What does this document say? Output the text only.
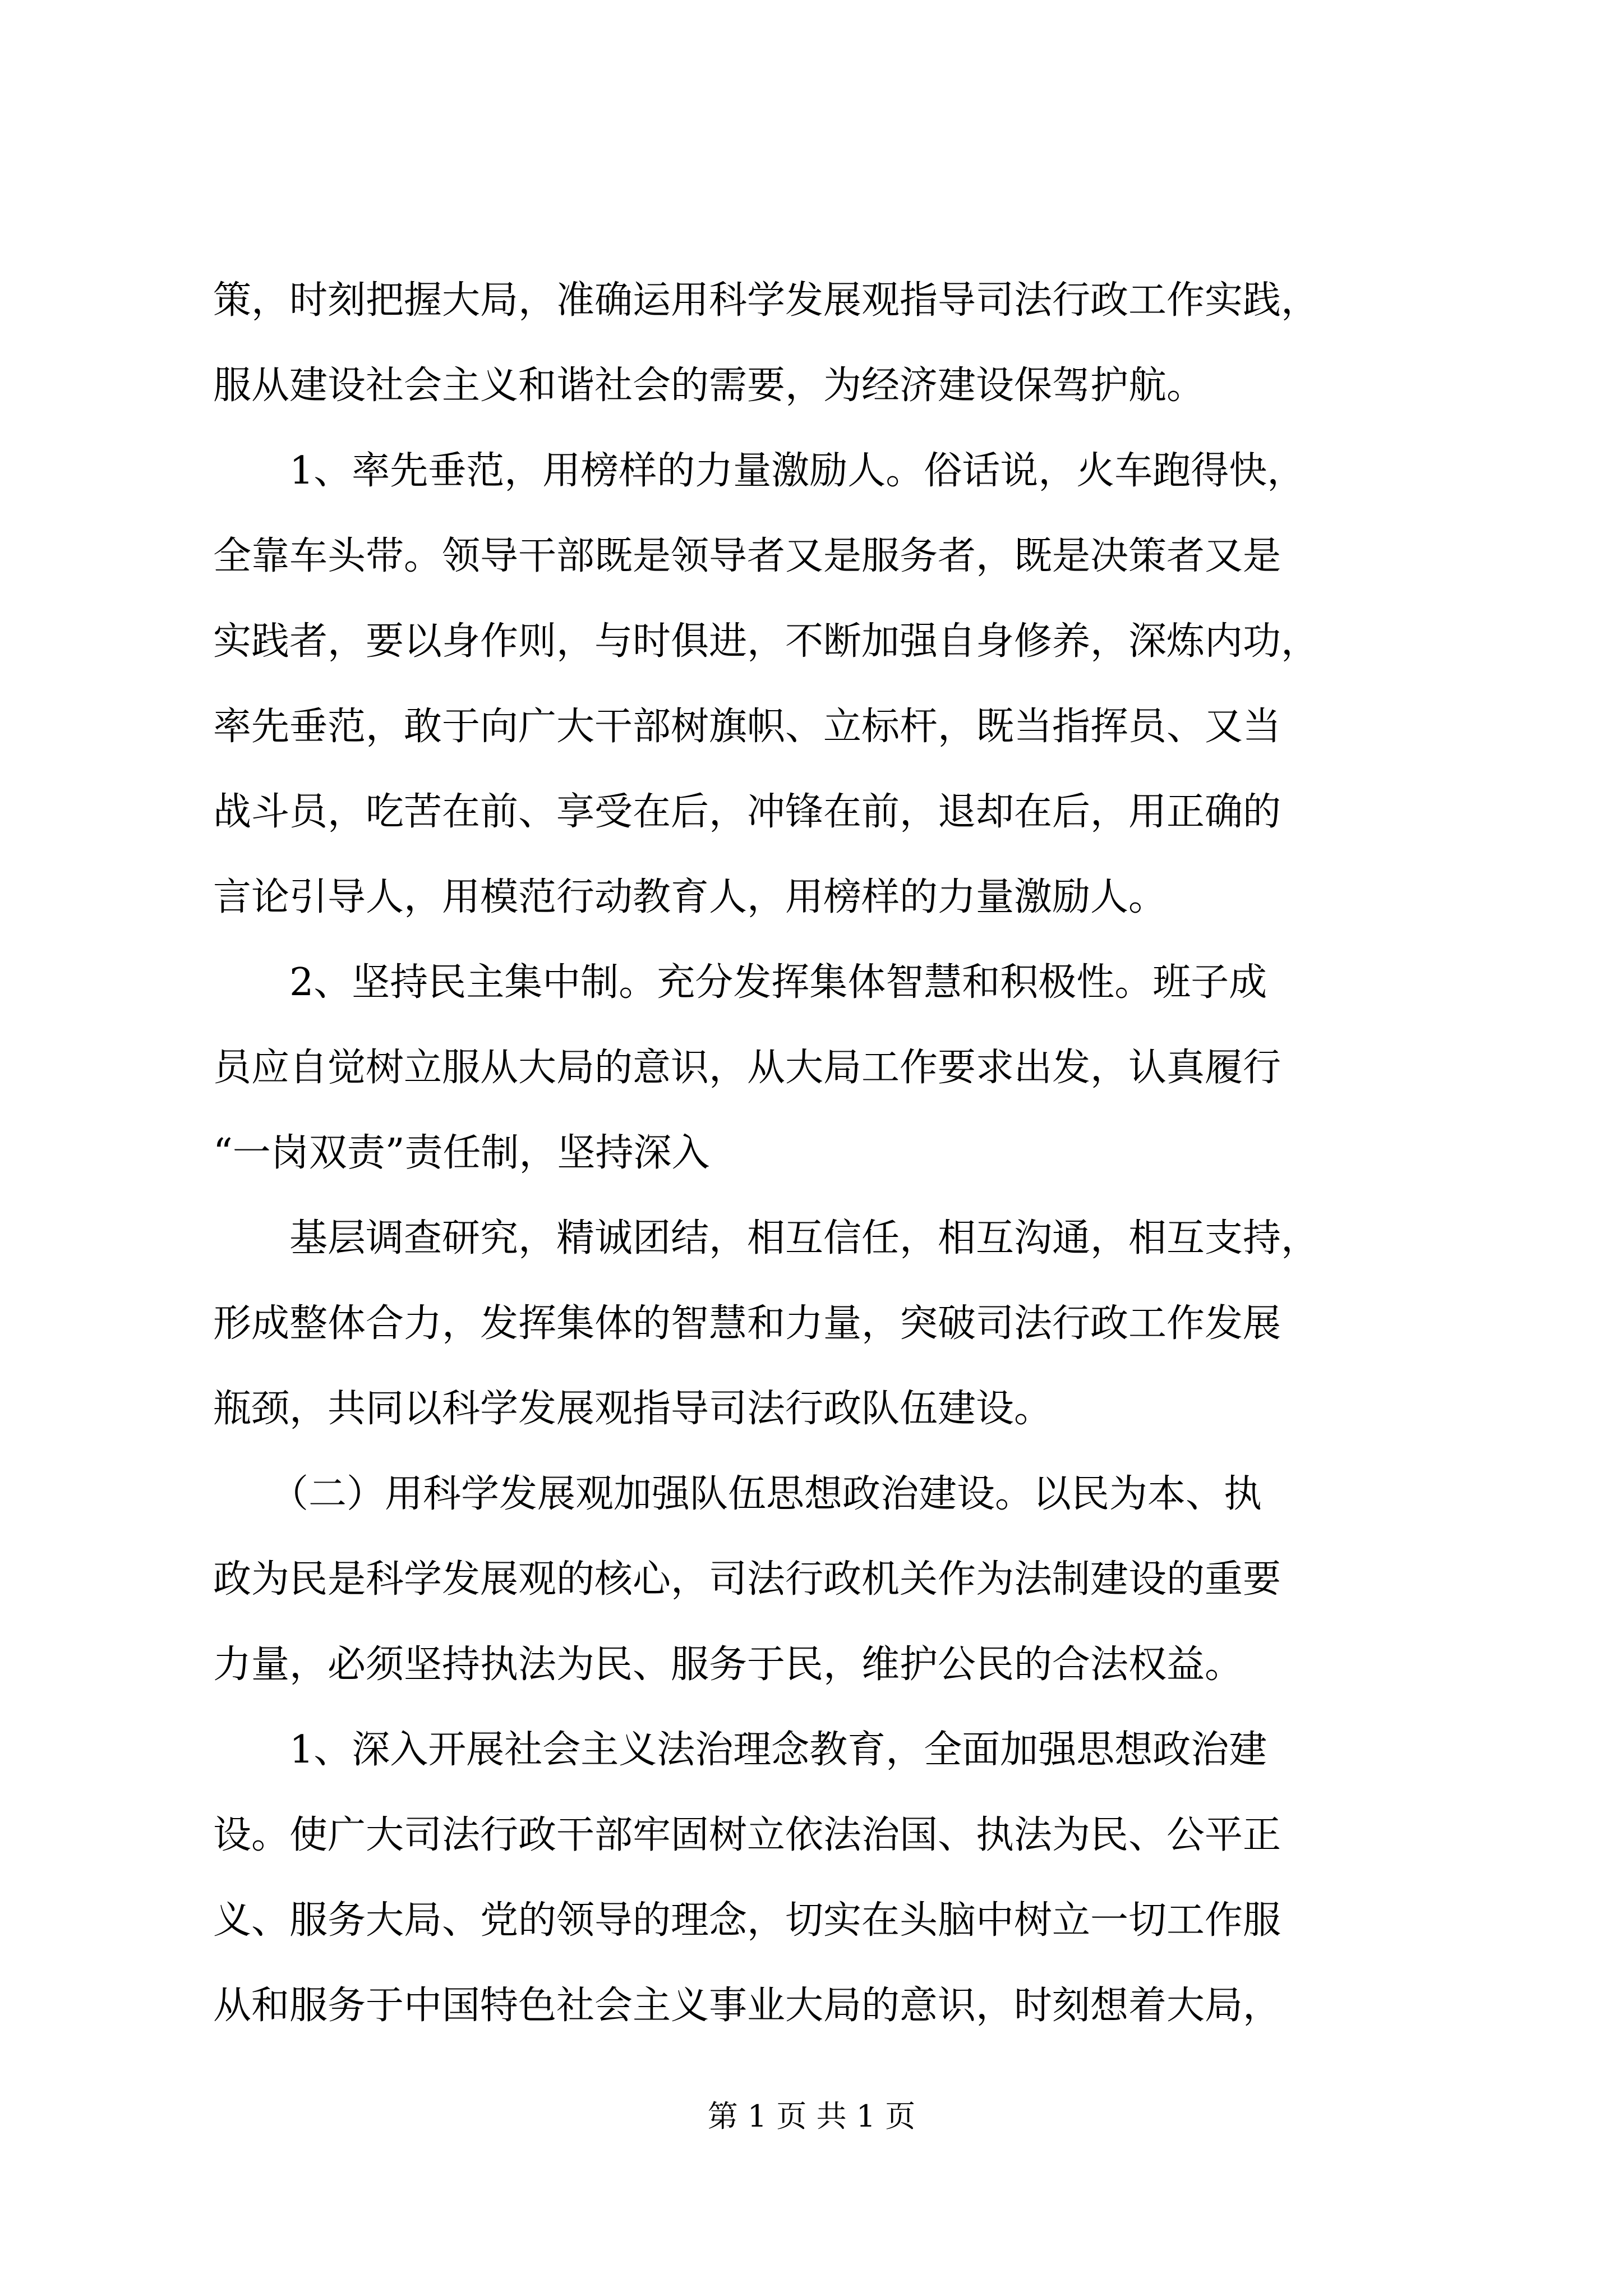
策，时刻把握大局，准确运用科学发展观指导司法行政工作实践，
服从建设社会主义和谐社会的需要，为经济建设保驾护航。
　　1、率先垂范，用榜样的力量激励人。俗话说，火车跑得快，
全靠车头带。领导干部既是领导者又是服务者，既是决策者又是
实践者，要以身作则，与时俱进，不断加强自身修养，深炼内功，
率先垂范，敢于向广大干部树旗帜、立标杆，既当指挥员、又当
战斗员，吃苦在前、享受在后，冲锋在前，退却在后，用正确的
言论引导人，用模范行动教育人，用榜样的力量激励人。
　　2、坚持民主集中制。充分发挥集体智慧和积极性。班子成
员应自觉树立服从大局的意识，从大局工作要求出发，认真履行
“一岗双责”责任制，坚持深入
　　基层调查研究，精诚团结，相互信任，相互沟通，相互支持，
形成整体合力，发挥集体的智慧和力量，突破司法行政工作发展
瓶颈，共同以科学发展观指导司法行政队伍建设。
　　（二）用科学发展观加强队伍思想政治建设。以民为本、执
政为民是科学发展观的核心，司法行政机关作为法制建设的重要
力量，必须坚持执法为民、服务于民，维护公民的合法权益。
　　1、深入开展社会主义法治理念教育，全面加强思想政治建
设。使广大司法行政干部牢固树立依法治国、执法为民、公平正
义、服务大局、党的领导的理念，切实在头脑中树立一切工作服
从和服务于中国特色社会主义事业大局的意识，时刻想着大局，
第 1 页 共 1 页
